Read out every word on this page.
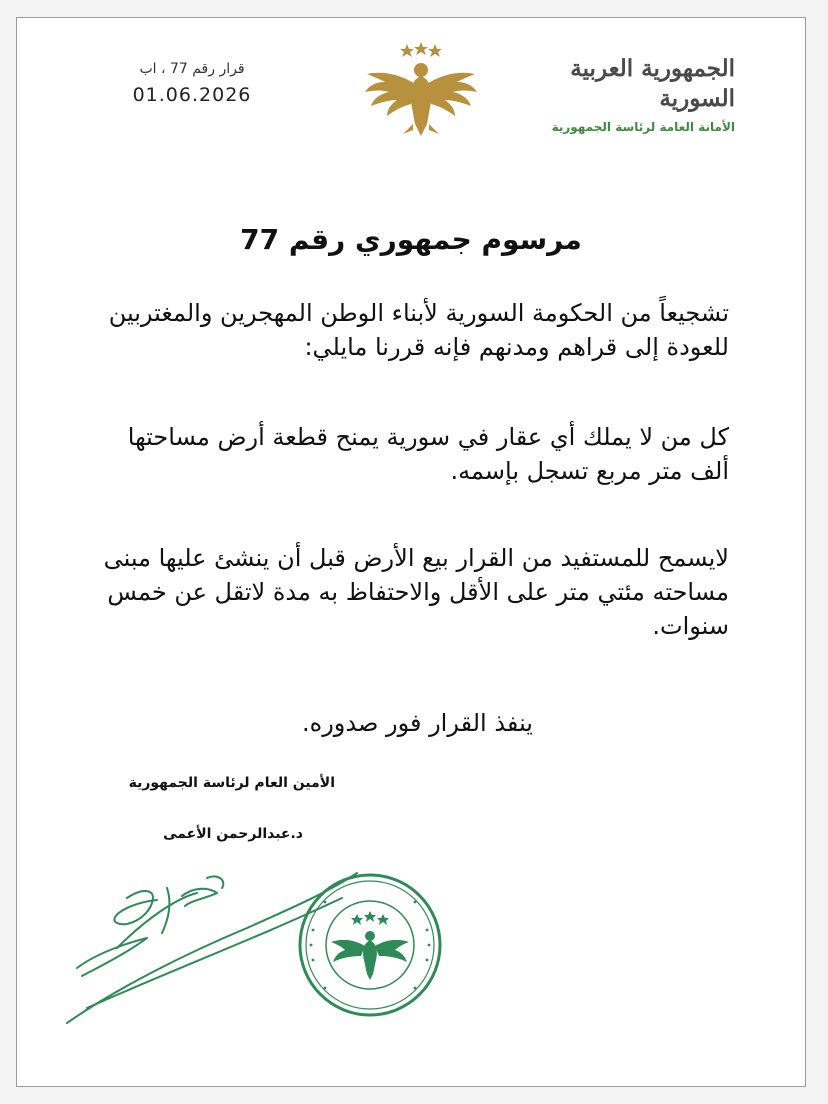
قرار رقم 77 ، اب
01.06.2026
الجمهورية العربية السورية
الأمانة العامة لرئاسة الجمهورية
مرسوم جمهوري رقم 77
تشجيعاً من الحكومة السورية لأبناء الوطن المهجرين والمغتربين للعودة إلى قراهم ومدنهم فإنه قررنا مايلي:
كل من لا يملك أي عقار في سورية يمنح قطعة أرض مساحتها ألف متر مربع تسجل بإسمه.
لايسمح للمستفيد من القرار بيع الأرض قبل أن ينشئ عليها مبنى مساحته مئتي متر على الأقل والاحتفاظ به مدة لاتقل عن خمس سنوات.
ينفذ القرار فور صدوره.
الأمين العام لرئاسة الجمهورية
د.عبدالرحمن الأعمى
